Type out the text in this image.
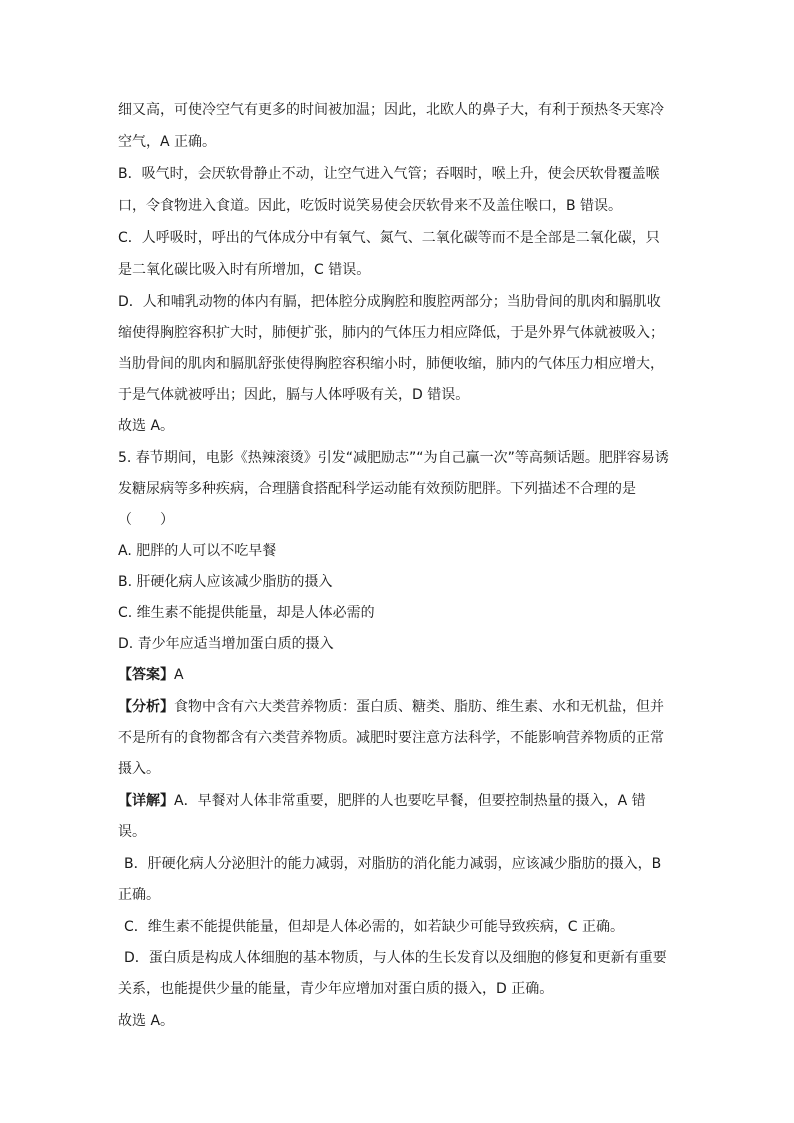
细又高，可使冷空气有更多的时间被加温；因此，北欧人的鼻子大，有利于预热冬天寒冷
空气，A 正确。
B．吸气时，会厌软骨静止不动，让空气进入气管；吞咽时，喉上升，使会厌软骨覆盖喉
口，令食物进入食道。因此，吃饭时说笑易使会厌软骨来不及盖住喉口，B 错误。
C．人呼吸时，呼出的气体成分中有氧气、氮气、二氧化碳等而不是全部是二氧化碳，只
是二氧化碳比吸入时有所增加，C 错误。
D．人和哺乳动物的体内有膈，把体腔分成胸腔和腹腔两部分；当肋骨间的肌肉和膈肌收
缩使得胸腔容积扩大时，肺便扩张，肺内的气体压力相应降低，于是外界气体就被吸入；
当肋骨间的肌肉和膈肌舒张使得胸腔容积缩小时，肺便收缩，肺内的气体压力相应增大，
于是气体就被呼出；因此，膈与人体呼吸有关，D 错误。
故选 A。
5. 春节期间，电影《热辣滚烫》引发“减肥励志”“为自己赢一次”等高频话题。肥胖容易诱
发糖尿病等多种疾病，合理膳食搭配科学运动能有效预防肥胖。下列描述不合理的是
（　　）
A. 肥胖的人可以不吃早餐
B. 肝硬化病人应该减少脂肪的摄入
C. 维生素不能提供能量，却是人体必需的
D. 青少年应适当增加蛋白质的摄入
【答案】A
【分析】食物中含有六大类营养物质：蛋白质、糖类、脂肪、维生素、水和无机盐，但并
不是所有的食物都含有六类营养物质。减肥时要注意方法科学，不能影响营养物质的正常
摄入。
【详解】A．早餐对人体非常重要，肥胖的人也要吃早餐，但要控制热量的摄入，A 错
误。
B．肝硬化病人分泌胆汁的能力减弱，对脂肪的消化能力减弱，应该减少脂肪的摄入，B
正确。
C．维生素不能提供能量，但却是人体必需的，如若缺少可能导致疾病，C 正确。
D．蛋白质是构成人体细胞的基本物质，与人体的生长发育以及细胞的修复和更新有重要
关系，也能提供少量的能量，青少年应增加对蛋白质的摄入，D 正确。
故选 A。
